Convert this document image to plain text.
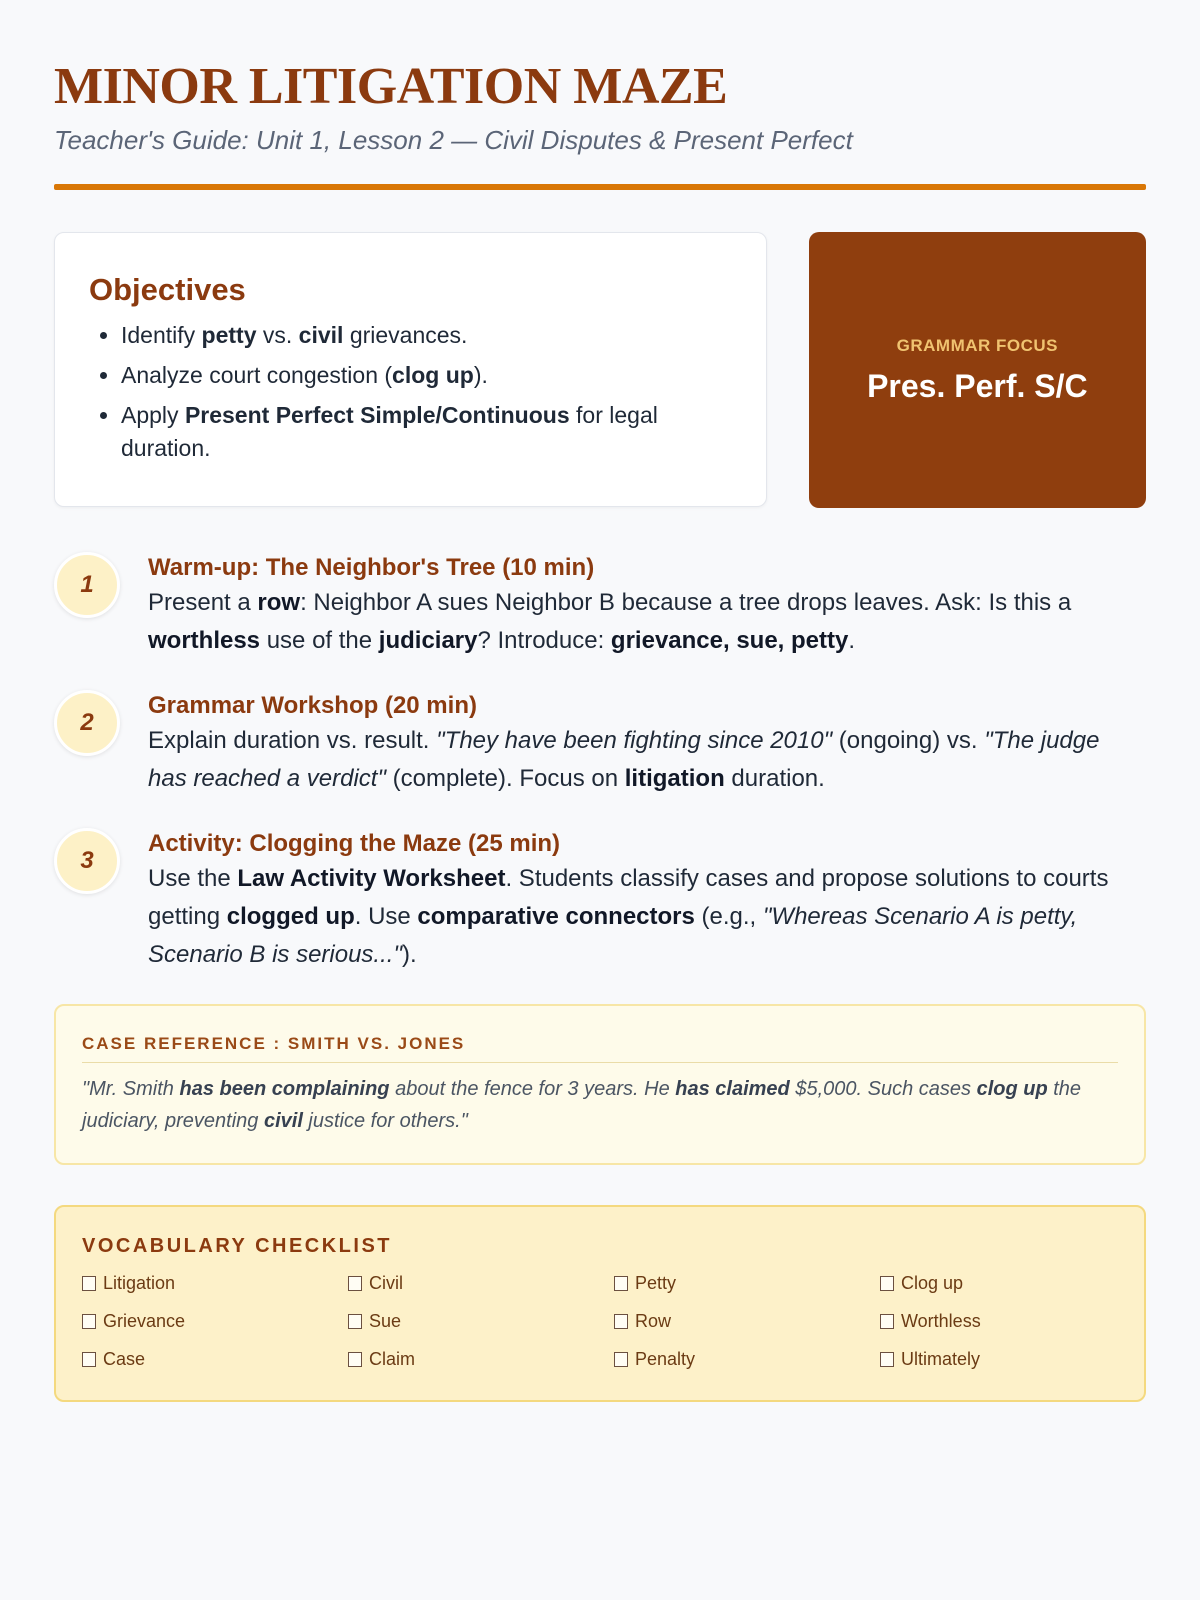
MINOR LITIGATION MAZE
Teacher's Guide: Unit 1, Lesson 2 — Civil Disputes & Present Perfect
Objectives
• Identify petty vs. civil grievances.
• Analyze court congestion (clog up).
• Apply Present Perfect Simple/Continuous for legal duration.
GRAMMAR FOCUS
Pres. Perf. S/C
1
Warm-up: The Neighbor's Tree (10 min)
Present a row: Neighbor A sues Neighbor B because a tree drops leaves. Ask: Is this a worthless use of the judiciary? Introduce: grievance, sue, petty.
2
Grammar Workshop (20 min)
Explain duration vs. result. "They have been fighting since 2010" (ongoing) vs. "The judge has reached a verdict" (complete). Focus on litigation duration.
3
Activity: Clogging the Maze (25 min)
Use the Law Activity Worksheet. Students classify cases and propose solutions to courts getting clogged up. Use comparative connectors (e.g., "Whereas Scenario A is petty, Scenario B is serious...").
CASE REFERENCE : SMITH VS. JONES
"Mr. Smith has been complaining about the fence for 3 years. He has claimed $5,000. Such cases clog up the judiciary, preventing civil justice for others."
VOCABULARY CHECKLIST
Litigation	Civil	Petty	Clog up
Grievance	Sue	Row	Worthless
Case	Claim	Penalty	Ultimately
